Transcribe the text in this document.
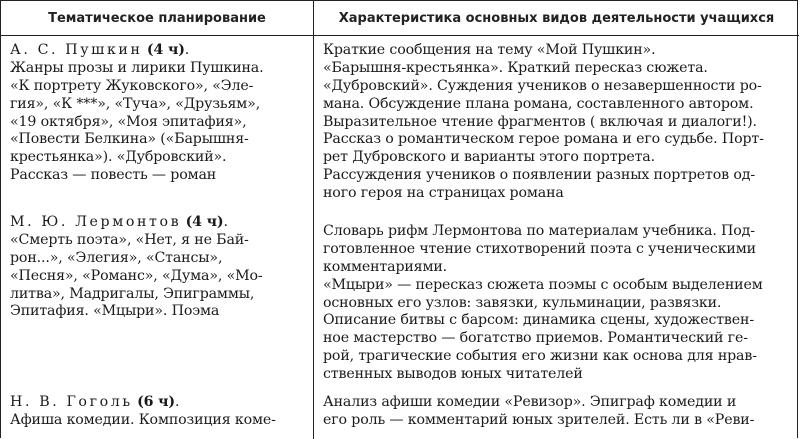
Тематическое планирование	Характеристика основных видов деятельности учащихся
А. С. Пушкин (4 ч).
Жанры прозы и лирики Пушкина.
«К портрету Жуковского», «Эле-
гия», «К ***», «Туча», «Друзьям»,
«19 октября», «Моя эпитафия»,
«Повести Белкина» («Барышня-
крестьянка»). «Дубровский».
Рассказ — повесть — роман
Краткие сообщения на тему «Мой Пушкин».
«Барышня-крестьянка». Краткий пересказ сюжета.
«Дубровский». Суждения учеников о незавершенности ро-
мана. Обсуждение плана романа, составленного автором.
Выразительное чтение фрагментов ( включая и диалоги!).
Рассказ о романтическом герое романа и его судьбе. Порт-
рет Дубровского и варианты этого портрета.
Рассуждения учеников о появлении разных портретов од-
ного героя на страницах романа
М. Ю. Лермонтов (4 ч).
«Смерть поэта», «Нет, я не Бай-
рон...», «Элегия», «Стансы»,
«Песня», «Романс», «Дума», «Мо-
литва», Мадригалы, Эпиграммы,
Эпитафия. «Мцыри». Поэма
Словарь рифм Лермонтова по материалам учебника. Под-
готовленное чтение стихотворений поэта с ученическими
комментариями.
«Мцыри» — пересказ сюжета поэмы с особым выделением
основных его узлов: завязки, кульминации, развязки.
Описание битвы с барсом: динамика сцены, художествен-
ное мастерство — богатство приемов. Романтический ге-
рой, трагические события его жизни как основа для нрав-
ственных выводов юных читателей
Н. В. Гоголь (6 ч).
Афиша комедии. Композиция коме-
Анализ афиши комедии «Ревизор». Эпиграф комедии и
его роль — комментарий юных зрителей. Есть ли в «Реви-
